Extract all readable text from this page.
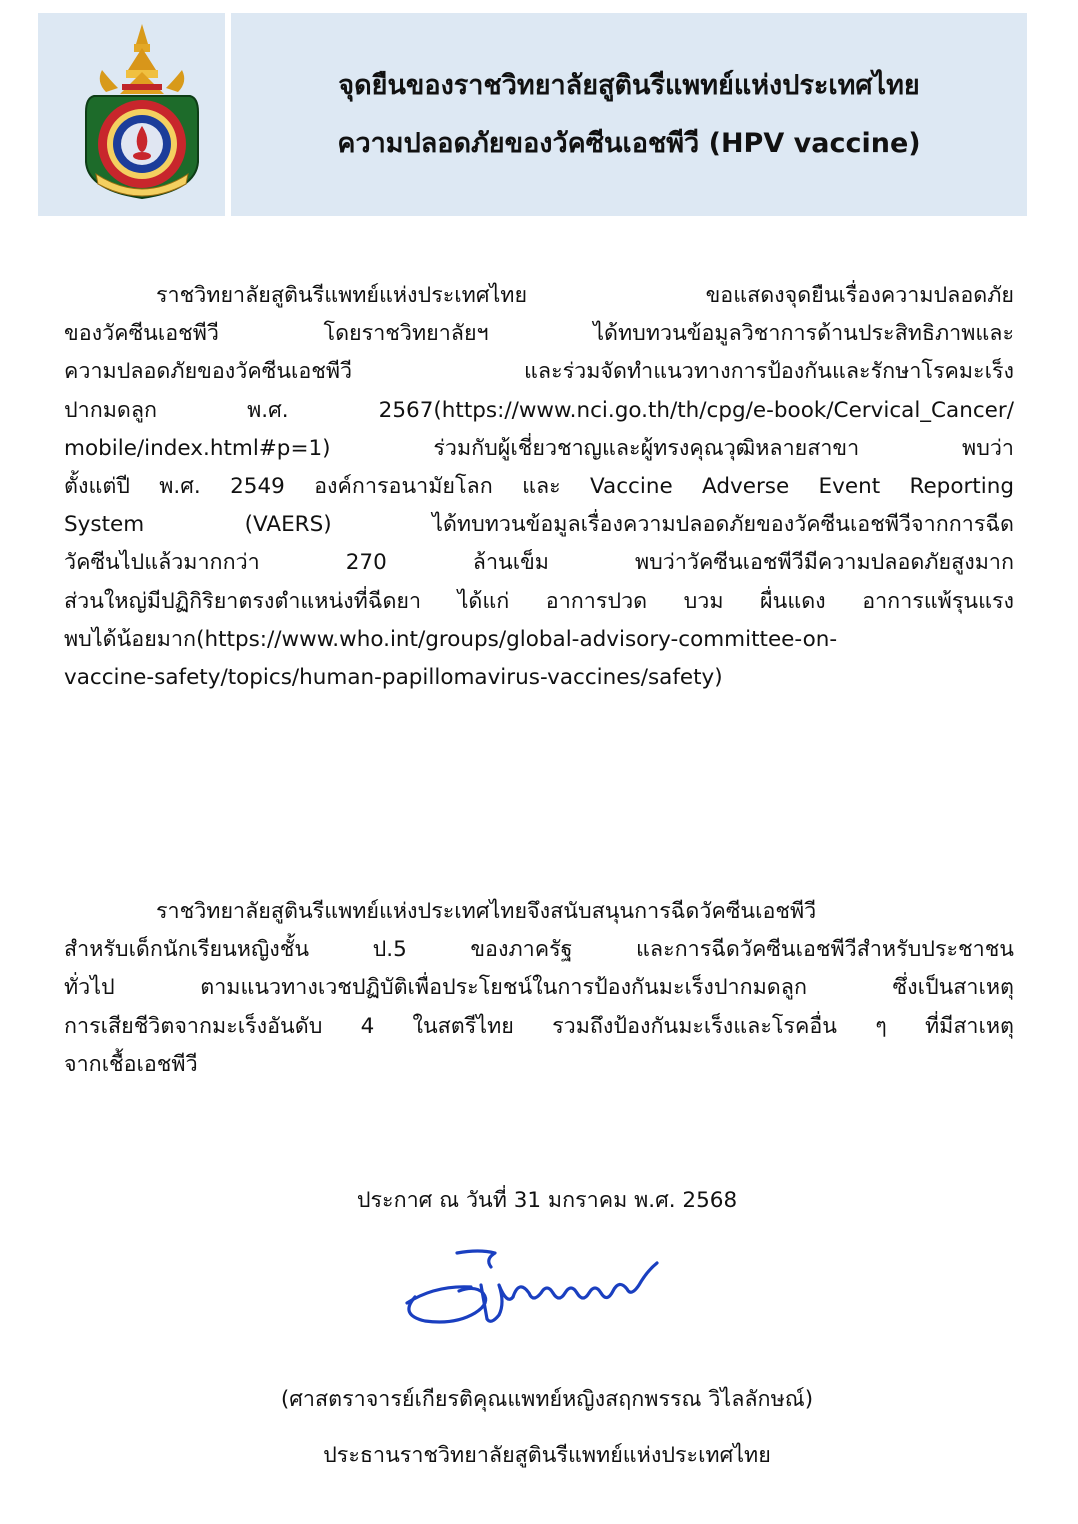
จุดยืนของราชวิทยาลัยสูตินรีแพทย์แห่งประเทศไทย
ความปลอดภัยของวัคซีนเอชพีวี (HPV vaccine)
ราชวิทยาลัยสูตินรีแพทย์แห่งประเทศไทย ขอแสดงจุดยืนเรื่องความปลอดภัย
ของวัคซีนเอชพีวี โดยราชวิทยาลัยฯ ได้ทบทวนข้อมูลวิชาการด้านประสิทธิภาพและ
ความปลอดภัยของวัคซีนเอชพีวี และร่วมจัดทำแนวทางการป้องกันและรักษาโรคมะเร็ง
ปากมดลูก พ.ศ. 2567(https://www.nci.go.th/th/cpg/e-book/Cervical_Cancer/
mobile/index.html#p=1) ร่วมกับผู้เชี่ยวชาญและผู้ทรงคุณวุฒิหลายสาขา พบว่า
ตั้งแต่ปี พ.ศ. 2549 องค์การอนามัยโลก และ Vaccine Adverse Event Reporting
System (VAERS) ได้ทบทวนข้อมูลเรื่องความปลอดภัยของวัคซีนเอชพีวีจากการฉีด
วัคซีนไปแล้วมากกว่า 270 ล้านเข็ม พบว่าวัคซีนเอชพีวีมีความปลอดภัยสูงมาก
ส่วนใหญ่มีปฏิกิริยาตรงตำแหน่งที่ฉีดยา ได้แก่ อาการปวด บวม ผื่นแดง อาการแพ้รุนแรง
พบได้น้อยมาก(https://www.who.int/groups/global-advisory-committee-on-
vaccine-safety/topics/human-papillomavirus-vaccines/safety)
ราชวิทยาลัยสูตินรีแพทย์แห่งประเทศไทยจึงสนับสนุนการฉีดวัคซีนเอชพีวี
สำหรับเด็กนักเรียนหญิงชั้น ป.5 ของภาครัฐ และการฉีดวัคซีนเอชพีวีสำหรับประชาชน
ทั่วไป ตามแนวทางเวชปฏิบัติเพื่อประโยชน์ในการป้องกันมะเร็งปากมดลูก ซึ่งเป็นสาเหตุ
การเสียชีวิตจากมะเร็งอันดับ 4 ในสตรีไทย รวมถึงป้องกันมะเร็งและโรคอื่น ๆ ที่มีสาเหตุ
จากเชื้อเอชพีวี
ประกาศ ณ วันที่ 31 มกราคม พ.ศ. 2568
(ศาสตราจารย์เกียรติคุณแพทย์หญิงสฤกพรรณ วิไลลักษณ์)
ประธานราชวิทยาลัยสูตินรีแพทย์แห่งประเทศไทย
